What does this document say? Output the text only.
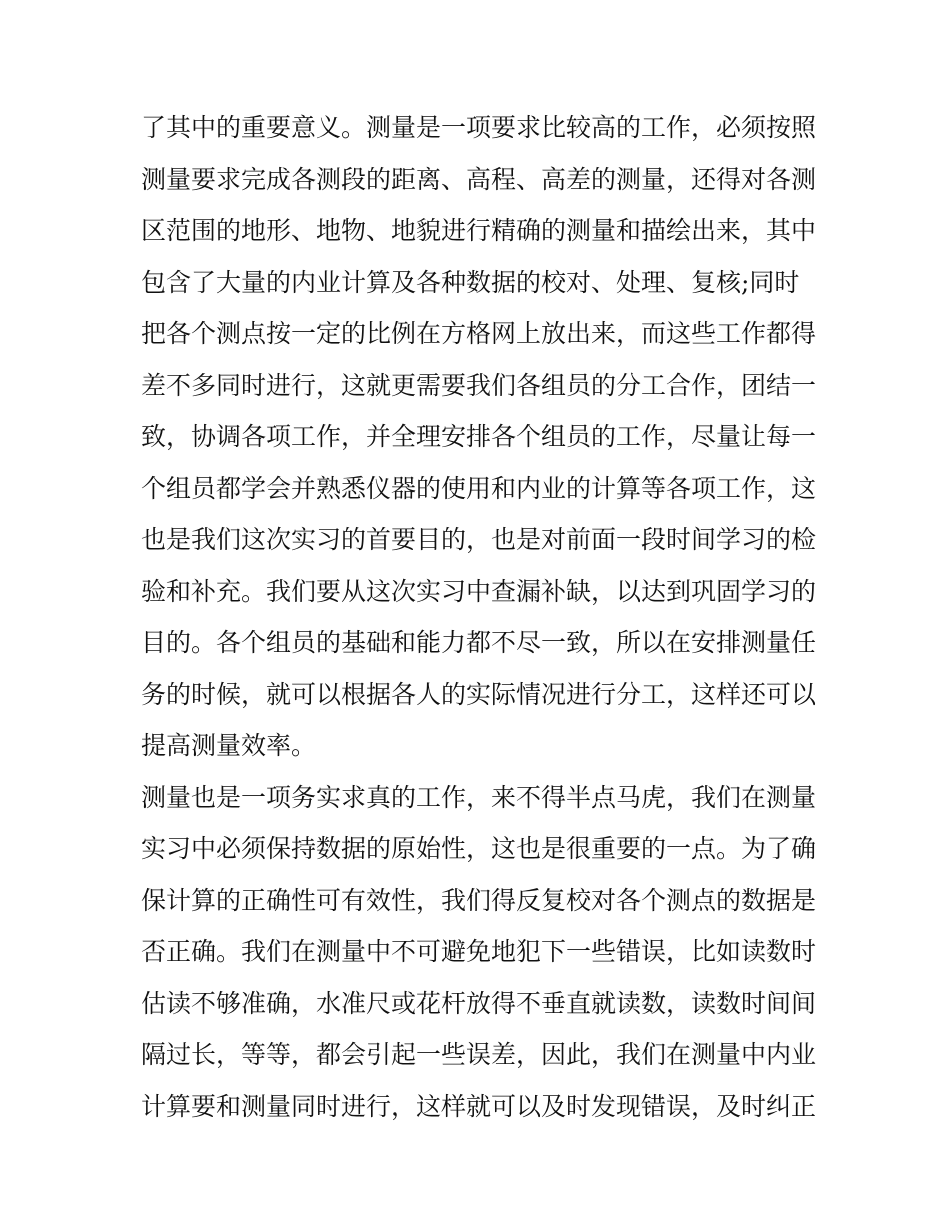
了其中的重要意义。测量是一项要求比较高的工作，必须按照
测量要求完成各测段的距离、高程、高差的测量，还得对各测
区范围的地形、地物、地貌进行精确的测量和描绘出来，其中
包含了大量的内业计算及各种数据的校对、处理、复核;同时
把各个测点按一定的比例在方格网上放出来，而这些工作都得
差不多同时进行，这就更需要我们各组员的分工合作，团结一
致，协调各项工作，并全理安排各个组员的工作，尽量让每一
个组员都学会并熟悉仪器的使用和内业的计算等各项工作，这
也是我们这次实习的首要目的，也是对前面一段时间学习的检
验和补充。我们要从这次实习中查漏补缺，以达到巩固学习的
目的。各个组员的基础和能力都不尽一致，所以在安排测量任
务的时候，就可以根据各人的实际情况进行分工，这样还可以
提高测量效率。
测量也是一项务实求真的工作，来不得半点马虎，我们在测量
实习中必须保持数据的原始性，这也是很重要的一点。为了确
保计算的正确性可有效性，我们得反复校对各个测点的数据是
否正确。我们在测量中不可避免地犯下一些错误，比如读数时
估读不够准确，水准尺或花杆放得不垂直就读数，读数时间间
隔过长，等等，都会引起一些误差，因此，我们在测量中内业
计算要和测量同时进行，这样就可以及时发现错误，及时纠正
